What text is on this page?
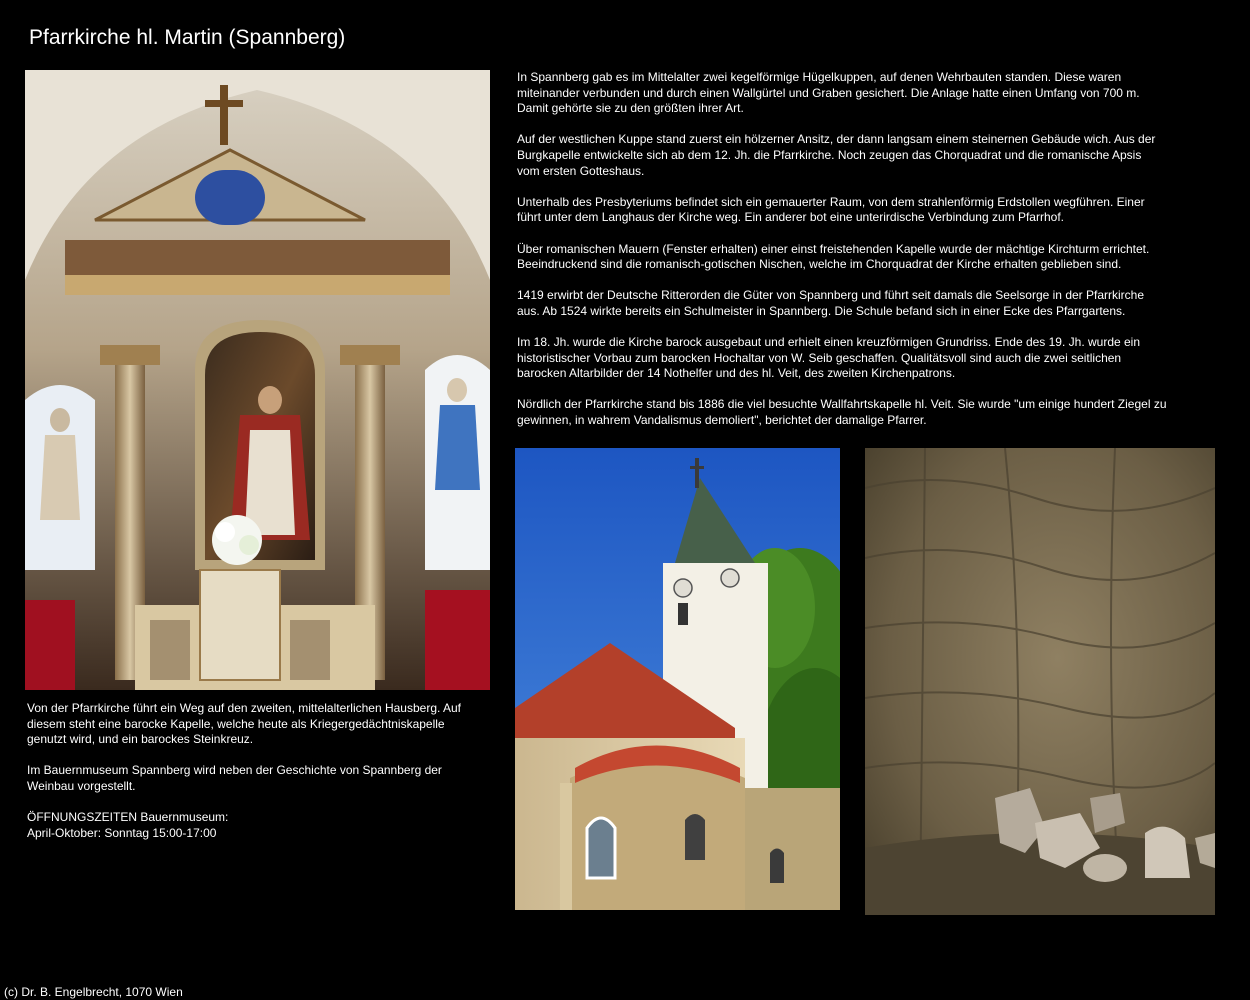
Pfarrkirche hl. Martin (Spannberg)

Von der Pfarrkirche führt ein Weg auf den zweiten, mittelalterlichen Hausberg. Auf diesem steht eine barocke Kapelle, welche heute als Kriegergedächtniskapelle genutzt wird, und ein barockes Steinkreuz.

Im Bauernmuseum Spannberg wird neben der Geschichte von Spannberg der Weinbau vorgestellt.

ÖFFNUNGSZEITEN Bauernmuseum:
April-Oktober: Sonntag 15:00-17:00

In Spannberg gab es im Mittelalter zwei kegelförmige Hügelkuppen, auf denen Wehrbauten standen. Diese waren miteinander verbunden und durch einen Wallgürtel und Graben gesichert. Die Anlage hatte einen Umfang von 700 m. Damit gehörte sie zu den größten ihrer Art.

Auf der westlichen Kuppe stand zuerst ein hölzerner Ansitz, der dann langsam einem steinernen Gebäude wich. Aus der Burgkapelle entwickelte sich ab dem 12. Jh. die Pfarrkirche. Noch zeugen das Chorquadrat und die romanische Apsis vom ersten Gotteshaus.

Unterhalb des Presbyteriums befindet sich ein gemauerter Raum, von dem strahlenförmig Erdstollen wegführen. Einer führt unter dem Langhaus der Kirche weg. Ein anderer bot eine unterirdische Verbindung zum Pfarrhof.

Über romanischen Mauern (Fenster erhalten) einer einst freistehenden Kapelle wurde der mächtige Kirchturm errichtet. Beeindruckend sind die romanisch-gotischen Nischen, welche im Chorquadrat der Kirche erhalten geblieben sind.

1419 erwirbt der Deutsche Ritterorden die Güter von Spannberg und führt seit damals die Seelsorge in der Pfarrkirche aus. Ab 1524 wirkte bereits ein Schulmeister in Spannberg. Die Schule befand sich in einer Ecke des Pfarrgartens.

Im 18. Jh. wurde die Kirche barock ausgebaut und erhielt einen kreuzförmigen Grundriss. Ende des 19. Jh. wurde ein historistischer Vorbau zum barocken Hochaltar von W. Seib geschaffen. Qualitätsvoll sind auch die zwei seitlichen barocken Altarbilder der 14 Nothelfer und des hl. Veit, des zweiten Kirchenpatrons.

Nördlich der Pfarrkirche stand bis 1886 die viel besuchte Wallfahrtskapelle hl. Veit. Sie wurde "um einige hundert Ziegel zu gewinnen, in wahrem Vandalismus demoliert", berichtet der damalige Pfarrer.

(c) Dr. B. Engelbrecht, 1070 Wien
